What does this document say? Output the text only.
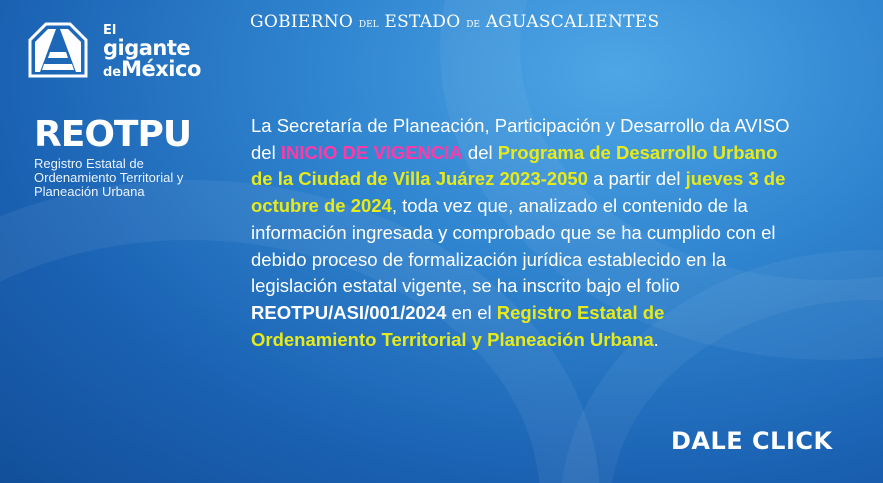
El
gigante
deMéxico
GOBIERNO DEL ESTADO DE AGUASCALIENTES
REOTPU
Registro Estatal de Ordenamiento Territorial y Planeación Urbana
La Secretaría de Planeación, Participación y Desarrollo da AVISO del INICIO DE VIGENCIA del Programa de Desarrollo Urbano de la Ciudad de Villa Juárez 2023-2050 a partir del jueves 3 de octubre de 2024, toda vez que, analizado el contenido de la información ingresada y comprobado que se ha cumplido con el debido proceso de formalización jurídica establecido en la legislación estatal vigente, se ha inscrito bajo el folio REOTPU/ASI/001/2024 en el Registro Estatal de Ordenamiento Territorial y Planeación Urbana.
DALE CLICK
